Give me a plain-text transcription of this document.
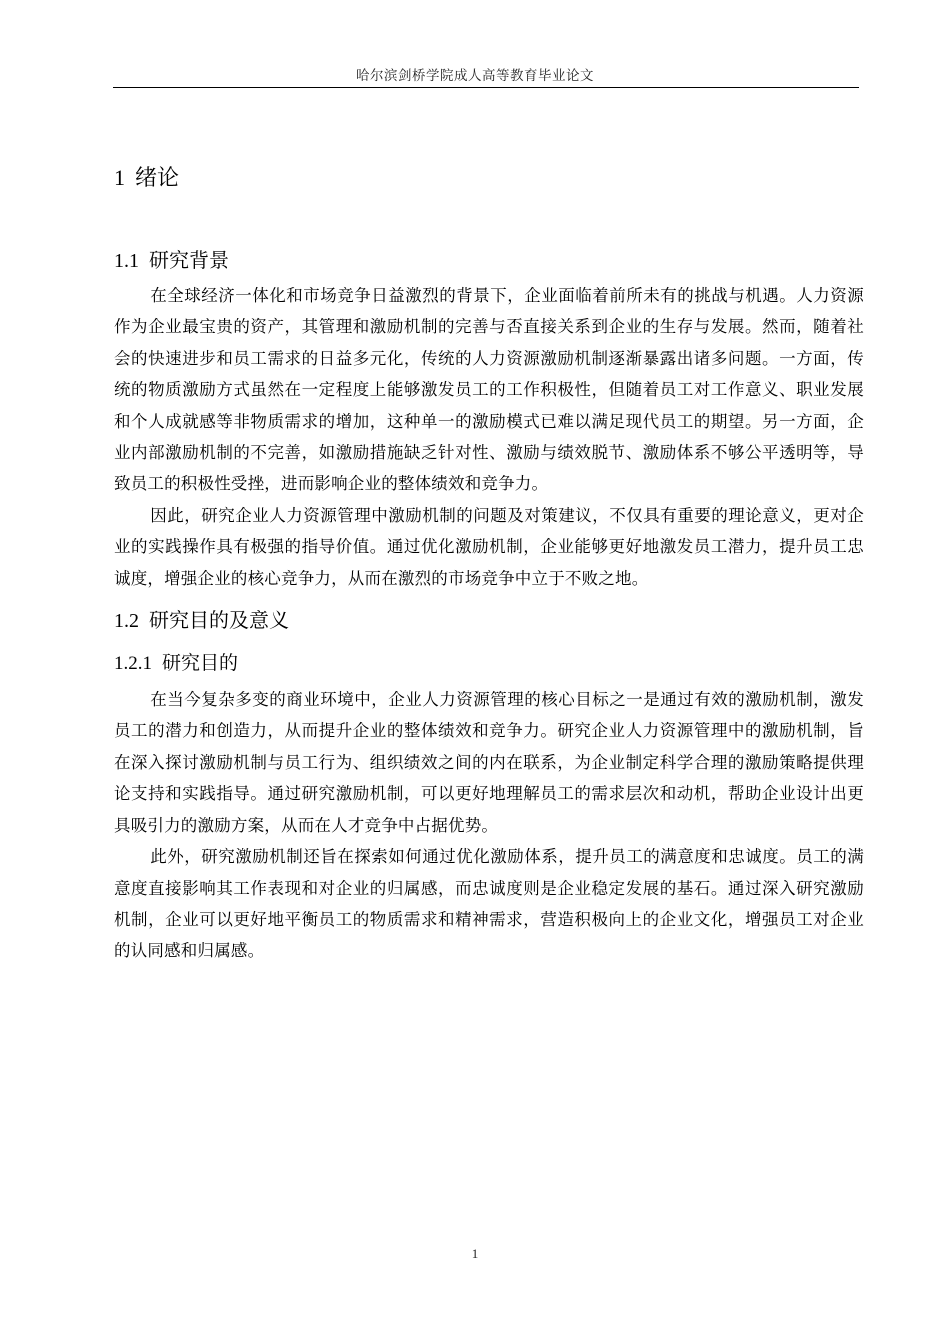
哈尔滨剑桥学院成人高等教育毕业论文
1 绪论
1.1 研究背景

在全球经济一体化和市场竞争日益激烈的背景下，企业面临着前所未有的挑战与机遇。人力资源作为企业最宝贵的资产，其管理和激励机制的完善与否直接关系到企业的生存与发展。然而，随着社会的快速进步和员工需求的日益多元化，传统的人力资源激励机制逐渐暴露出诸多问题。一方面，传统的物质激励方式虽然在一定程度上能够激发员工的工作积极性，但随着员工对工作意义、职业发展和个人成就感等非物质需求的增加，这种单一的激励模式已难以满足现代员工的期望。另一方面，企业内部激励机制的不完善，如激励措施缺乏针对性、激励与绩效脱节、激励体系不够公平透明等，导致员工的积极性受挫，进而影响企业的整体绩效和竞争力。

因此，研究企业人力资源管理中激励机制的问题及对策建议，不仅具有重要的理论意义，更对企业的实践操作具有极强的指导价值。通过优化激励机制，企业能够更好地激发员工潜力，提升员工忠诚度，增强企业的核心竞争力，从而在激烈的市场竞争中立于不败之地。

1.2 研究目的及意义
1.2.1 研究目的

在当今复杂多变的商业环境中，企业人力资源管理的核心目标之一是通过有效的激励机制，激发员工的潜力和创造力，从而提升企业的整体绩效和竞争力。研究企业人力资源管理中的激励机制，旨在深入探讨激励机制与员工行为、组织绩效之间的内在联系，为企业制定科学合理的激励策略提供理论支持和实践指导。通过研究激励机制，可以更好地理解员工的需求层次和动机，帮助企业设计出更具吸引力的激励方案，从而在人才竞争中占据优势。

此外，研究激励机制还旨在探索如何通过优化激励体系，提升员工的满意度和忠诚度。员工的满意度直接影响其工作表现和对企业的归属感，而忠诚度则是企业稳定发展的基石。通过深入研究激励机制，企业可以更好地平衡员工的物质需求和精神需求，营造积极向上的企业文化，增强员工对企业的认同感和归属感。

1
